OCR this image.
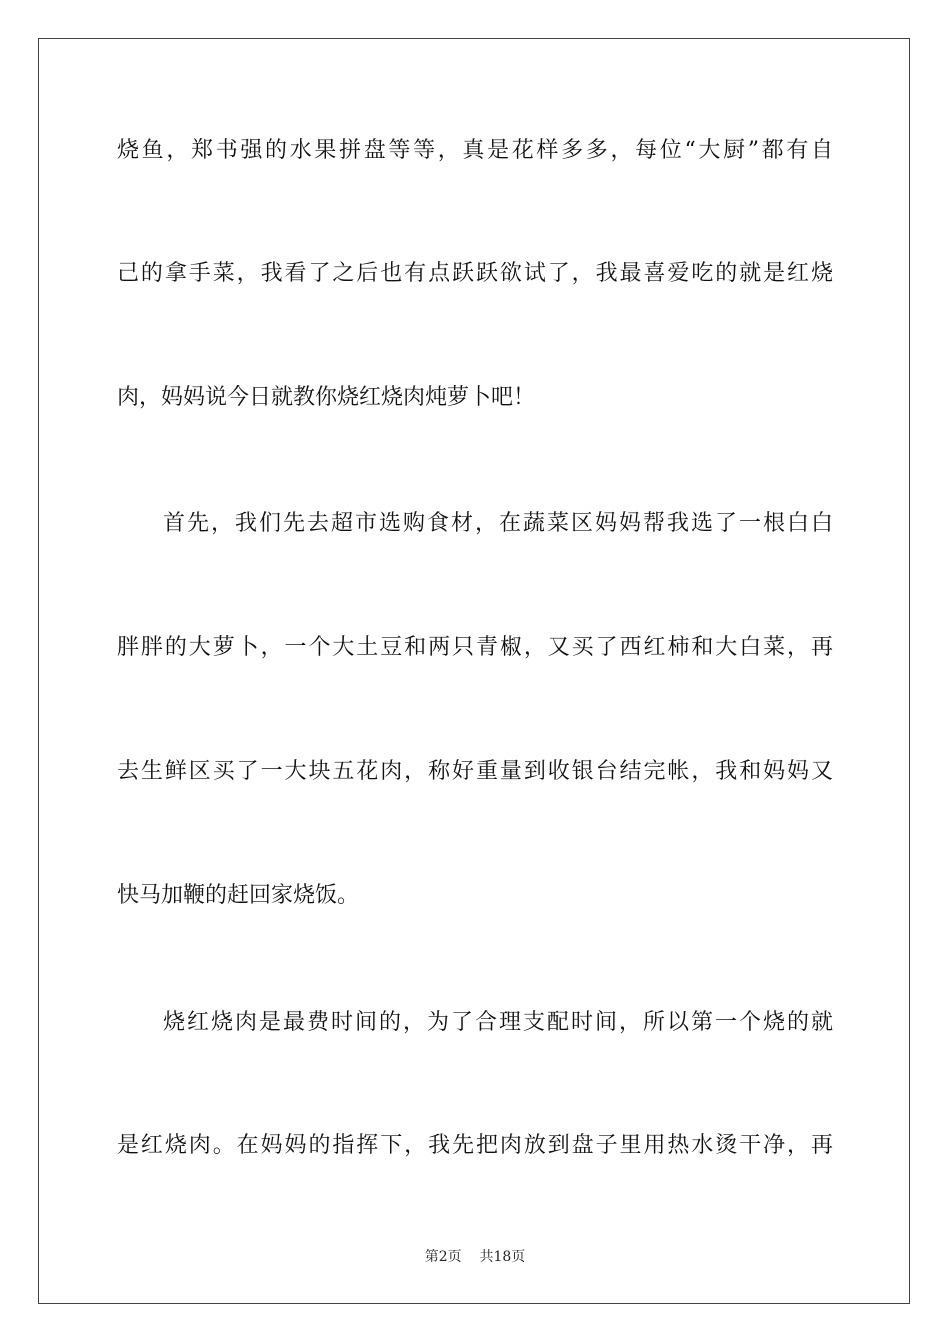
烧鱼，郑书强的水果拼盘等等，真是花样多多，每位“大厨”都有自
己的拿手菜，我看了之后也有点跃跃欲试了，我最喜爱吃的就是红烧
肉，妈妈说今日就教你烧红烧肉炖萝卜吧！
首先，我们先去超市选购食材，在蔬菜区妈妈帮我选了一根白白
胖胖的大萝卜，一个大土豆和两只青椒，又买了西红柿和大白菜，再
去生鲜区买了一大块五花肉，称好重量到收银台结完帐，我和妈妈又
快马加鞭的赶回家烧饭。
烧红烧肉是最费时间的，为了合理支配时间，所以第一个烧的就
是红烧肉。在妈妈的指挥下，我先把肉放到盘子里用热水烫干净，再
第2页 共18页
